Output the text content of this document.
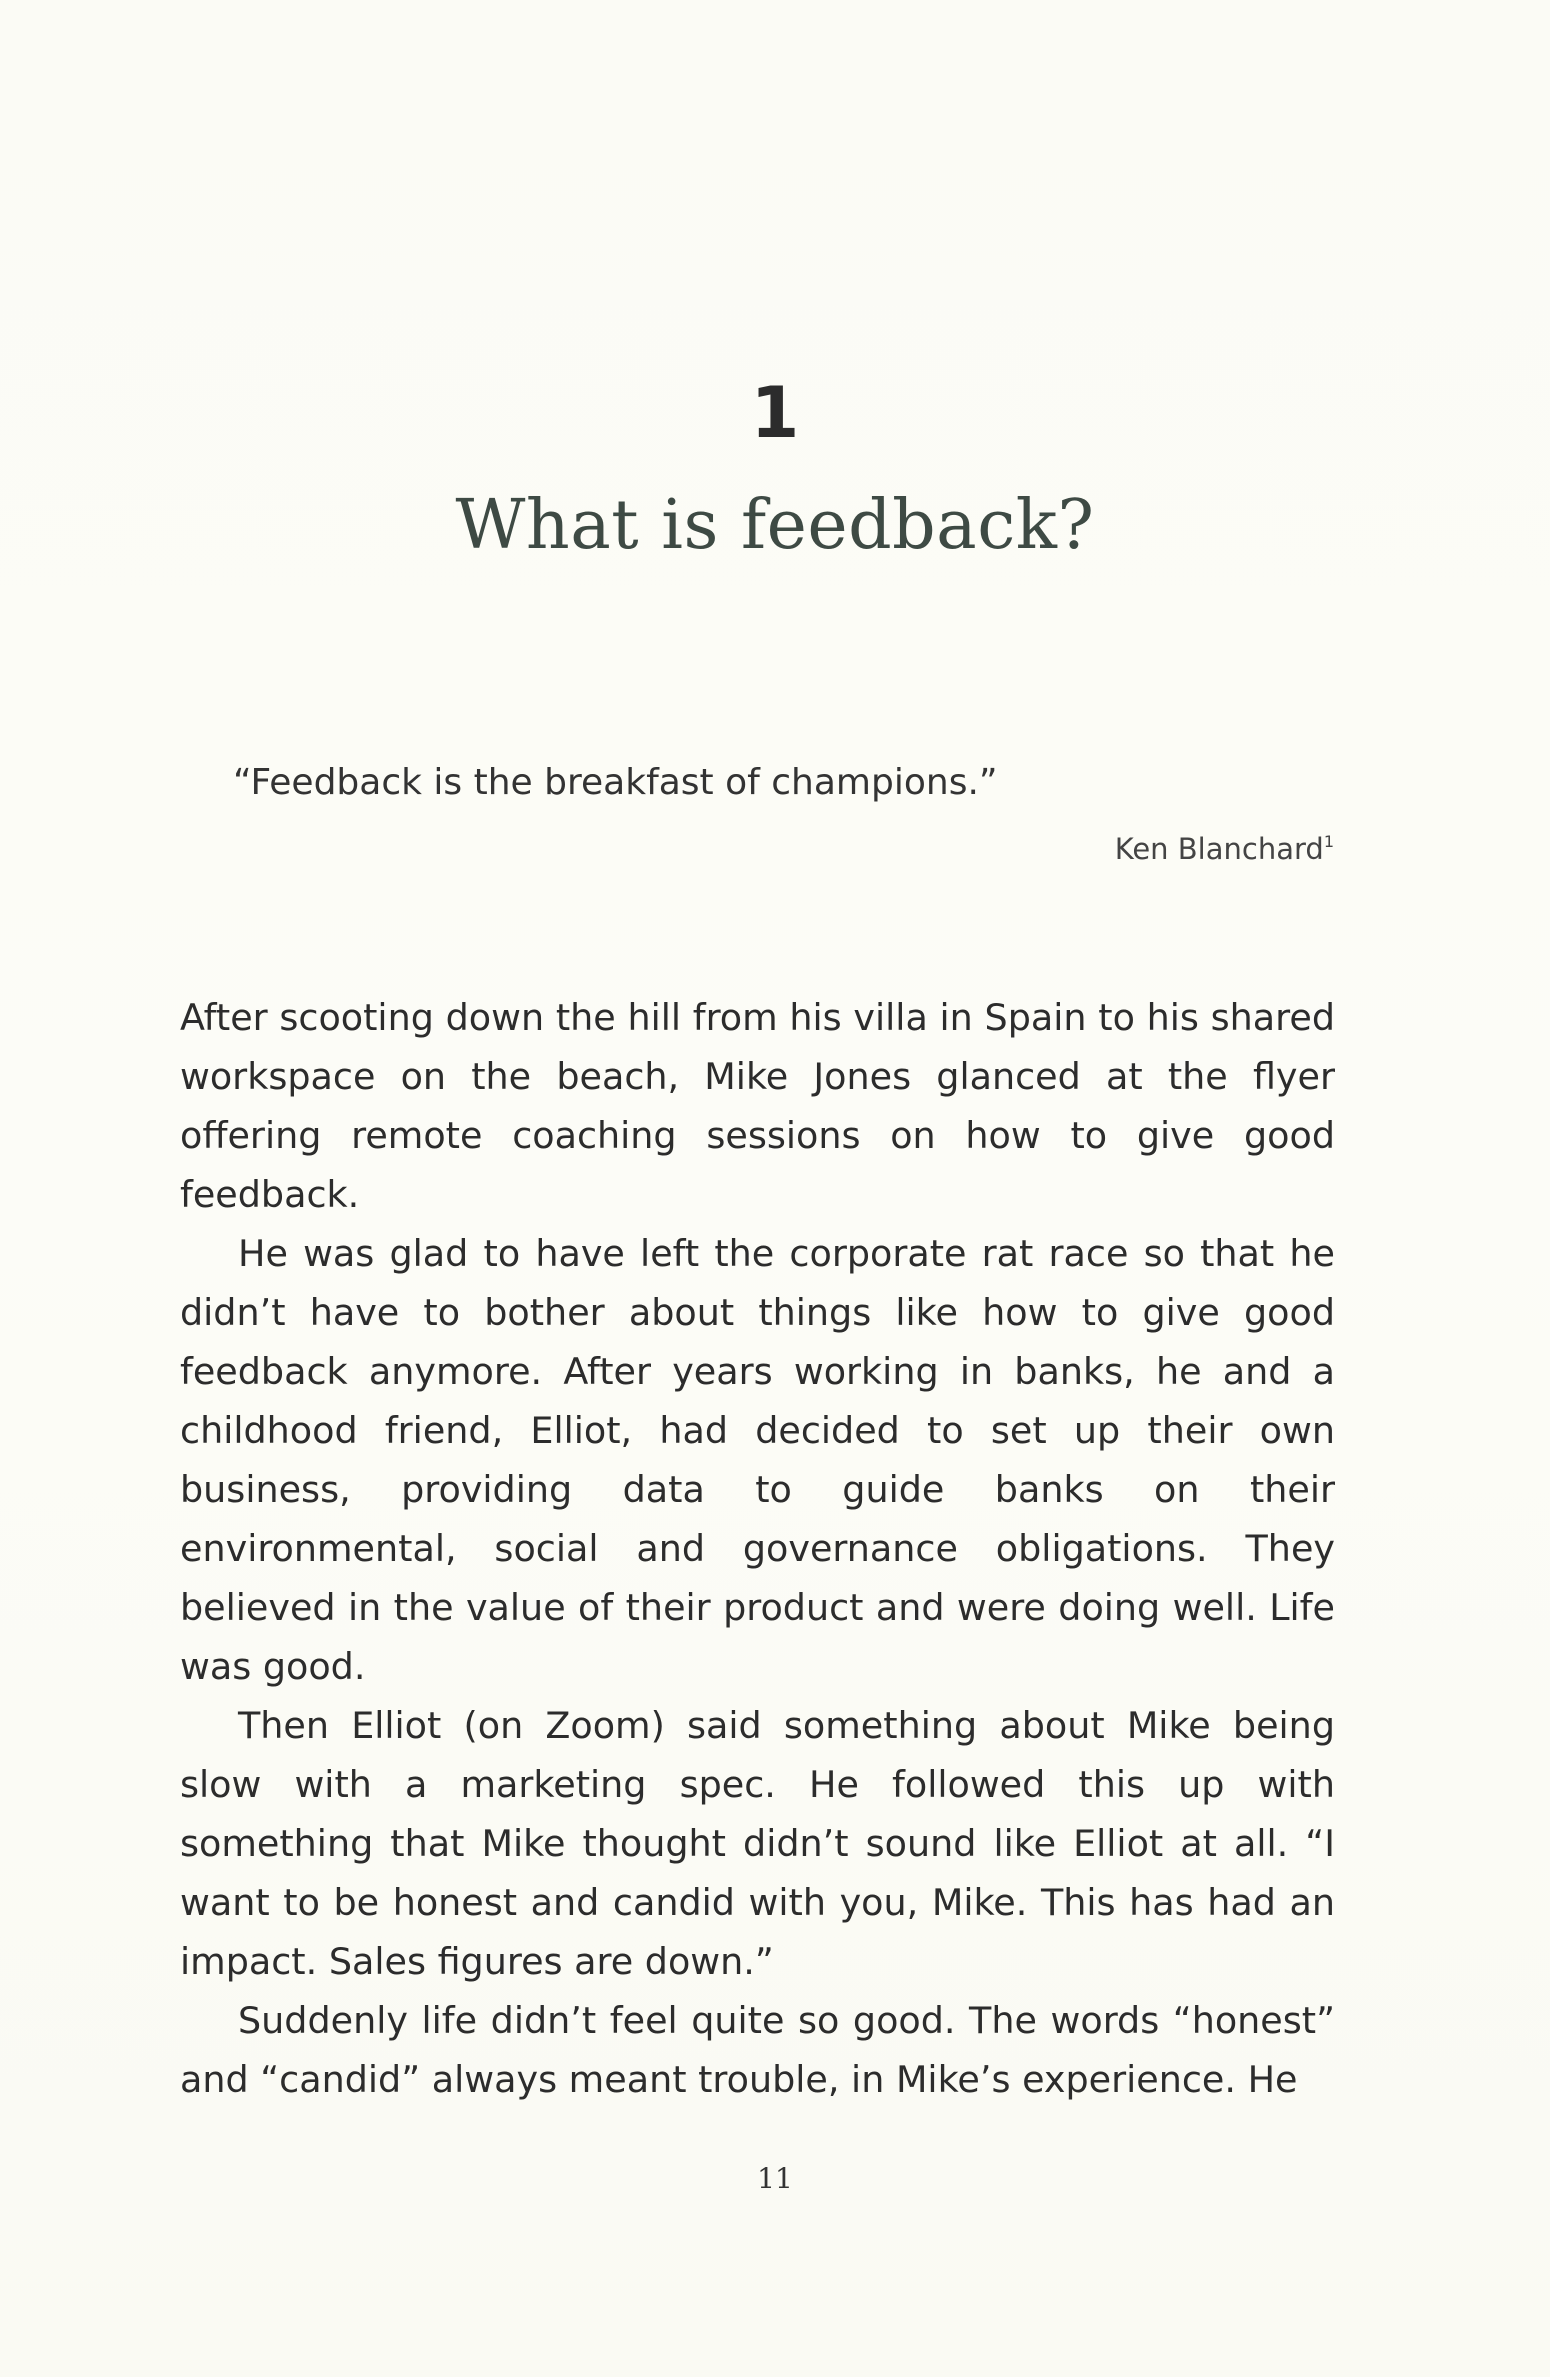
1
What is feedback?
“Feedback is the breakfast of champions.”
Ken Blanchard$^1$

After scooting down the hill from his villa in Spain to his shared workspace on the beach, Mike Jones glanced at the flyer offering remote coaching sessions on how to give good feedback.

He was glad to have left the corporate rat race so that he didn’t have to bother about things like how to give good feedback anymore. After years working in banks, he and a childhood friend, Elliot, had decided to set up their own business, providing data to guide banks on their environmental, social and governance obligations. They believed in the value of their product and were doing well. Life was good.

Then Elliot (on Zoom) said something about Mike being slow with a marketing spec. He followed this up with something that Mike thought didn’t sound like Elliot at all. “I want to be honest and candid with you, Mike. This has had an impact. Sales figures are down.”

Suddenly life didn’t feel quite so good. The words “honest” and “candid” always meant trouble, in Mike’s experience. He

11
